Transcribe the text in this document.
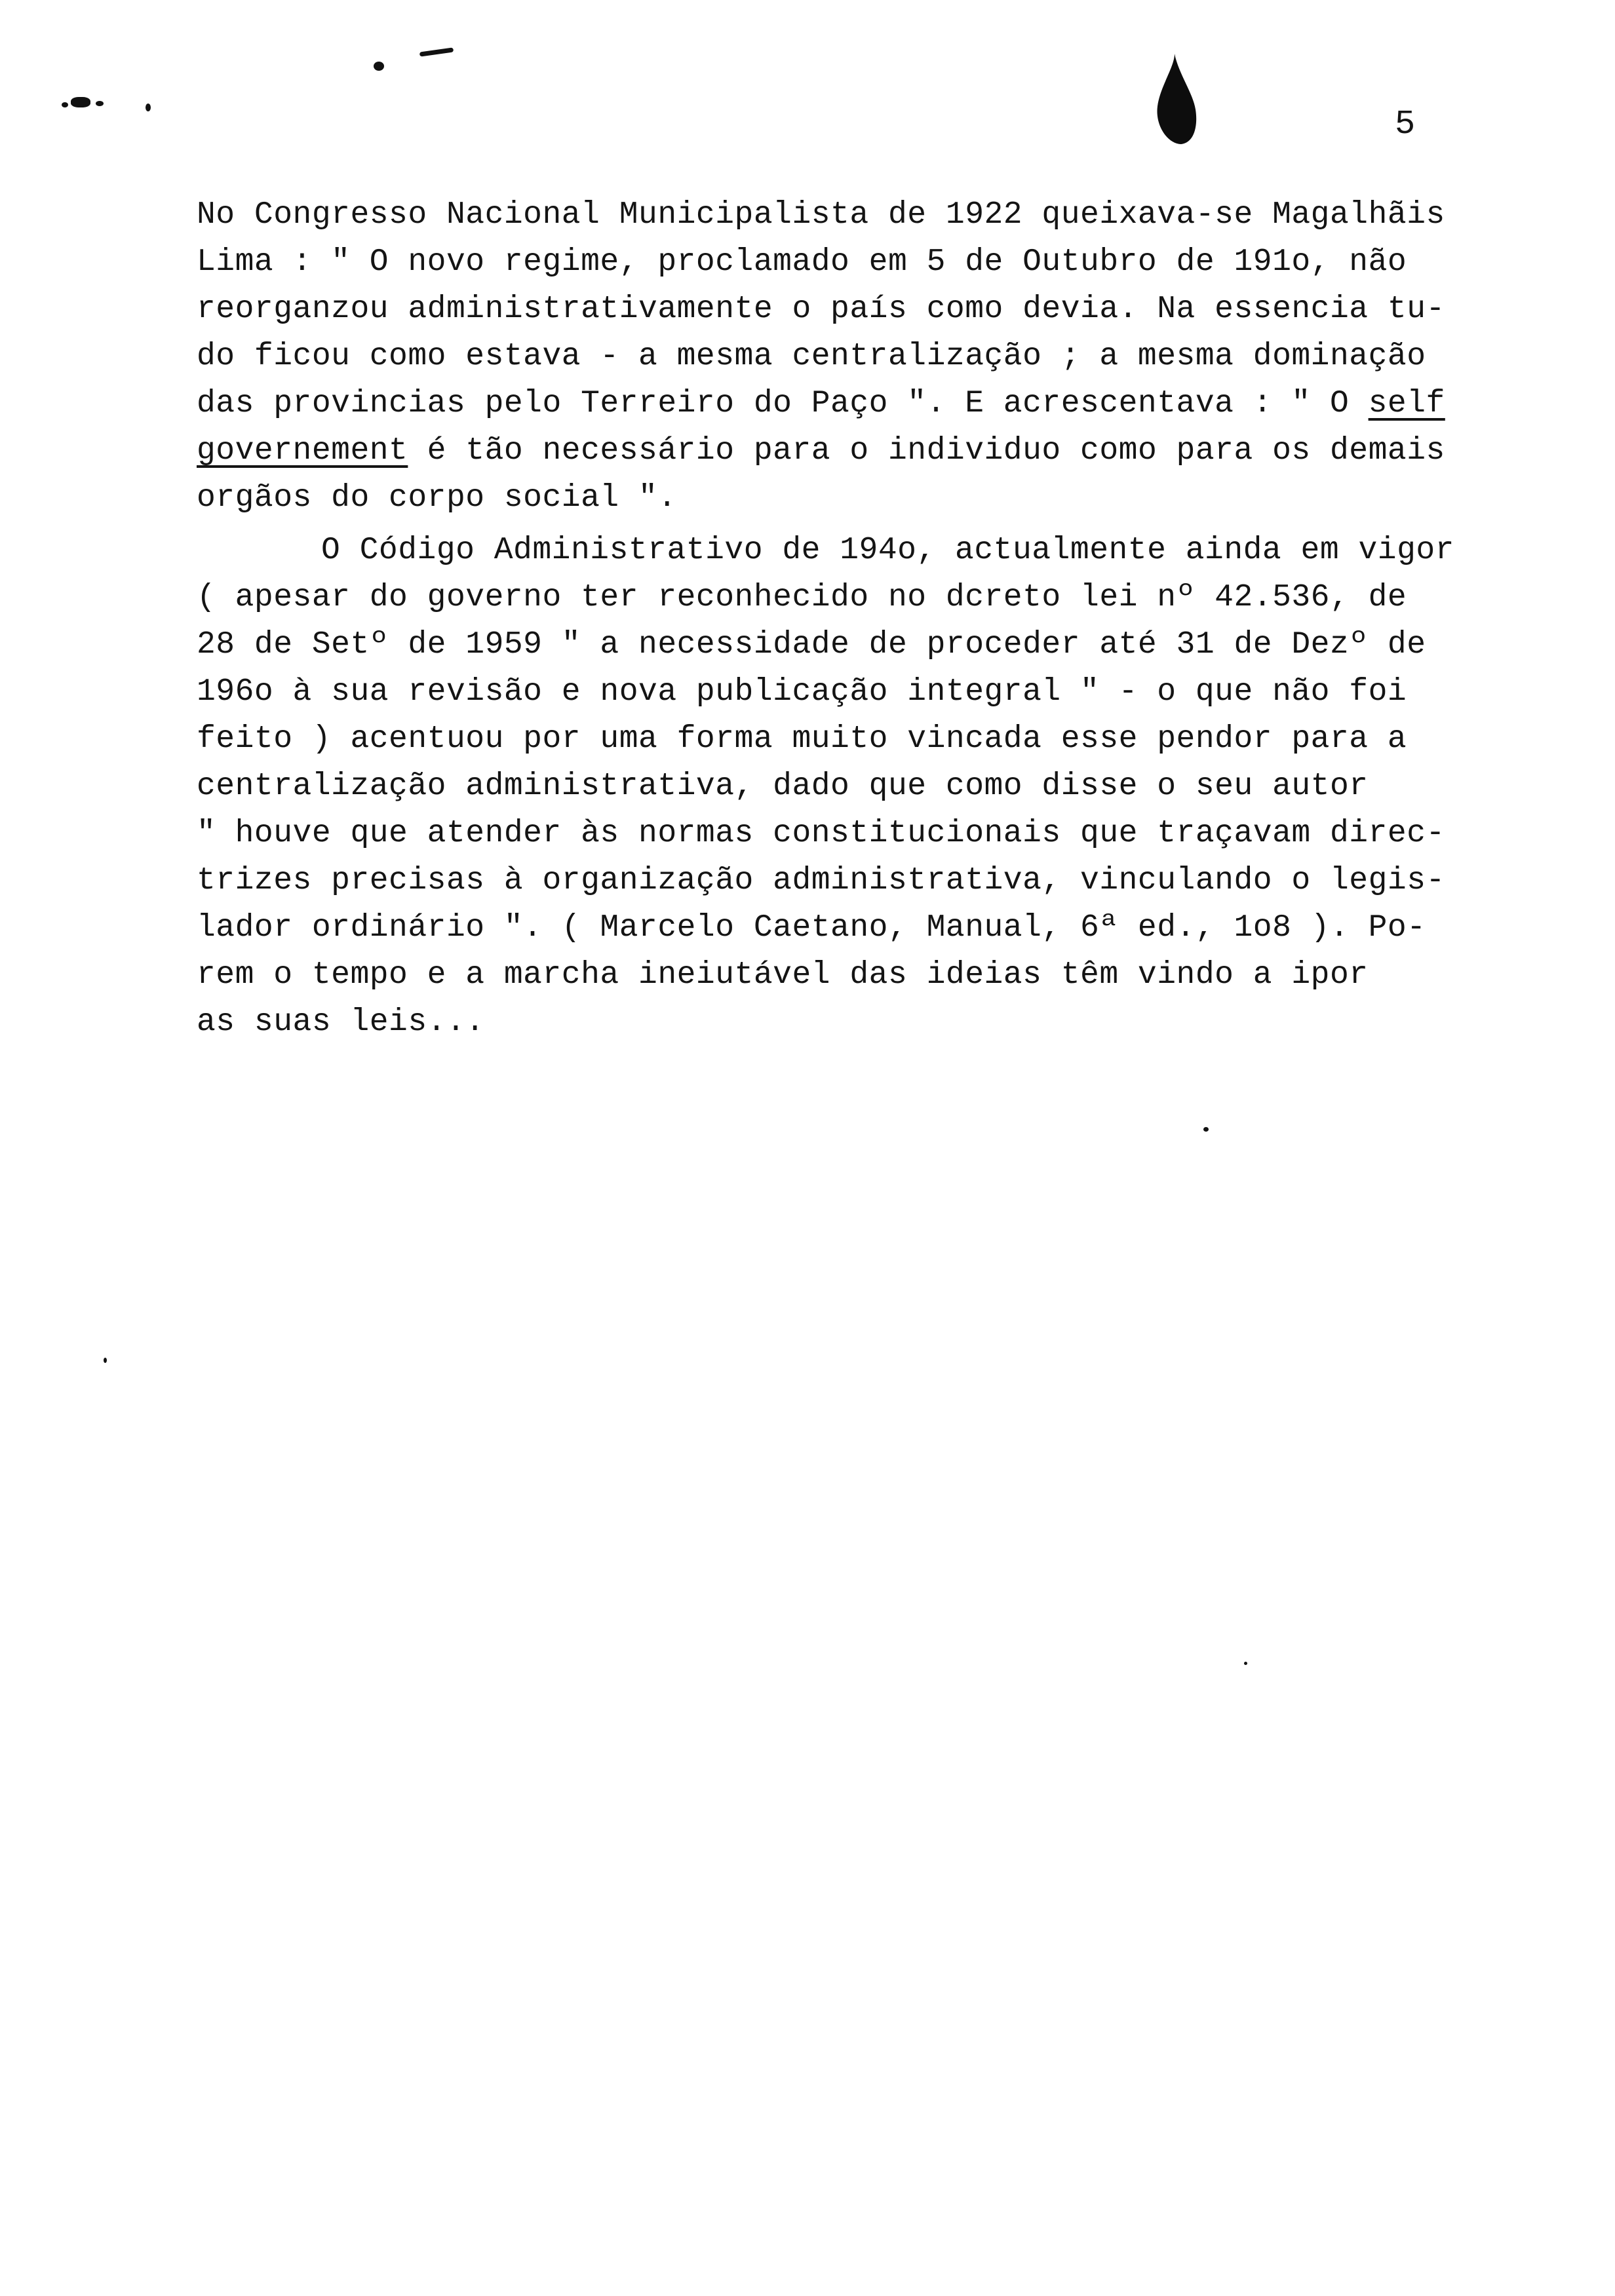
5
No Congresso Nacional Municipalista de 1922 queixava-se Magalhãis
Lima : " O novo regime, proclamado em 5 de Outubro de 191o, não
reorganzou administrativamente o país como devia. Na essencia tu-
do ficou como estava - a mesma centralização ; a mesma dominação
das provincias pelo Terreiro do Paço ". E acrescentava : " O self
governement é tão necessário para o individuo como para os demais
orgãos do corpo social ".
O Código Administrativo de 194o, actualmente ainda em vigor
( apesar do governo ter reconhecido no dcreto lei nº 42.536, de
28 de Setº de 1959 " a necessidade de proceder até 31 de Dezº de
196o à sua revisão e nova publicação integral " - o que não foi
feito ) acentuou por uma forma muito vincada esse pendor para a
centralização administrativa, dado que como disse o seu autor
" houve que atender às normas constitucionais que traçavam direc-
trizes precisas à organização administrativa, vinculando o legis-
lador ordinário ". ( Marcelo Caetano, Manual, 6ª ed., 1o8 ). Po-
rem o tempo e a marcha ineiutável das ideias têm vindo a ipor
as suas leis...
